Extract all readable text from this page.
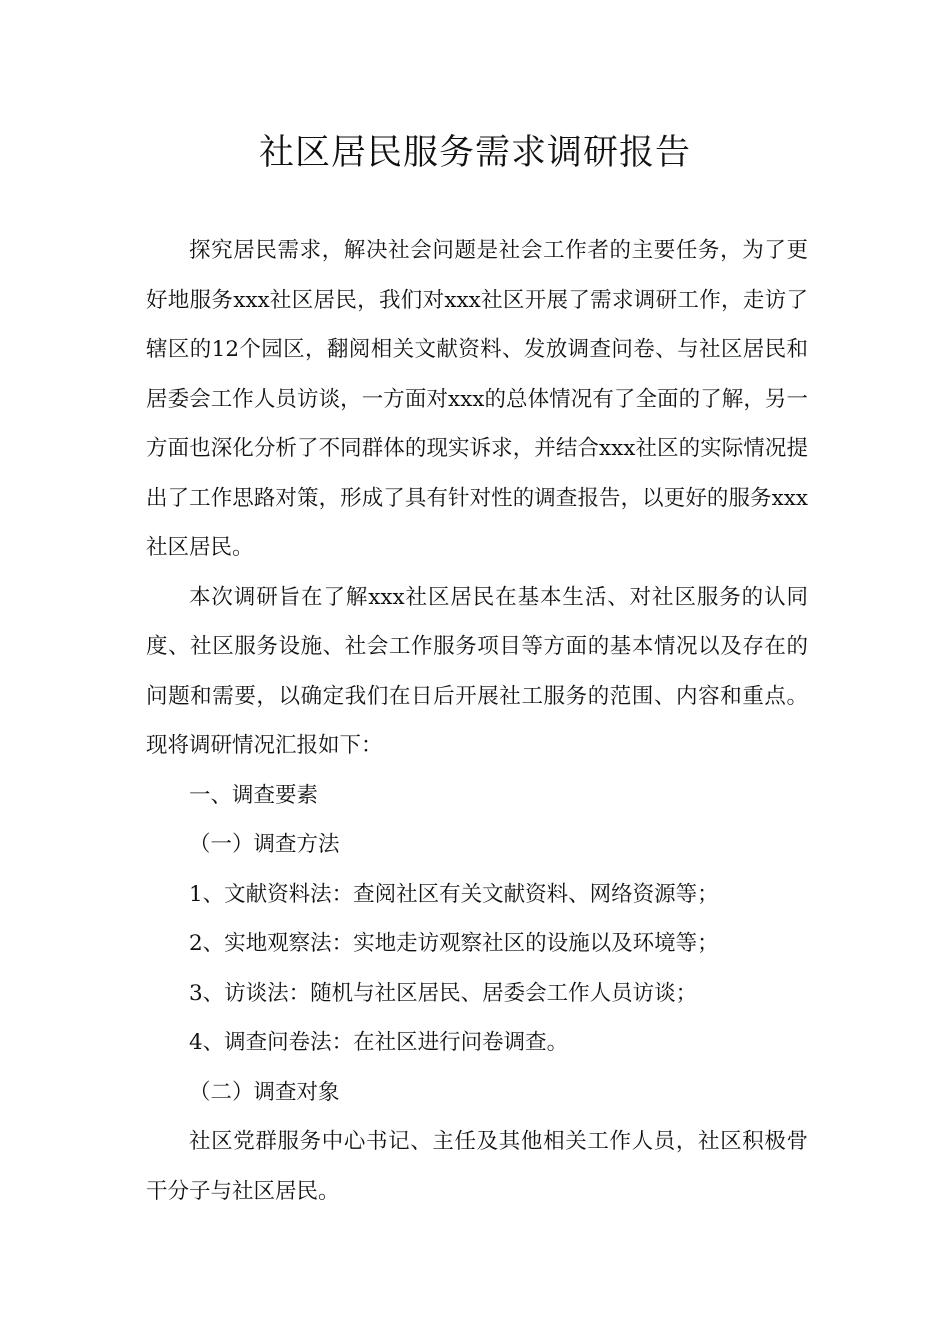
社区居民服务需求调研报告

探究居民需求，解决社会问题是社会工作者的主要任务，为了更好地服务xxx社区居民，我们对xxx社区开展了需求调研工作，走访了辖区的12个园区，翻阅相关文献资料、发放调查问卷、与社区居民和居委会工作人员访谈，一方面对xxx的总体情况有了全面的了解，另一方面也深化分析了不同群体的现实诉求，并结合xxx社区的实际情况提出了工作思路对策，形成了具有针对性的调查报告，以更好的服务xxx社区居民。

本次调研旨在了解xxx社区居民在基本生活、对社区服务的认同度、社区服务设施、社会工作服务项目等方面的基本情况以及存在的问题和需要，以确定我们在日后开展社工服务的范围、内容和重点。现将调研情况汇报如下：

一、调查要素

（一）调查方法

1、文献资料法：查阅社区有关文献资料、网络资源等；

2、实地观察法：实地走访观察社区的设施以及环境等；

3、访谈法：随机与社区居民、居委会工作人员访谈；

4、调查问卷法：在社区进行问卷调查。

（二）调查对象

社区党群服务中心书记、主任及其他相关工作人员，社区积极骨干分子与社区居民。
